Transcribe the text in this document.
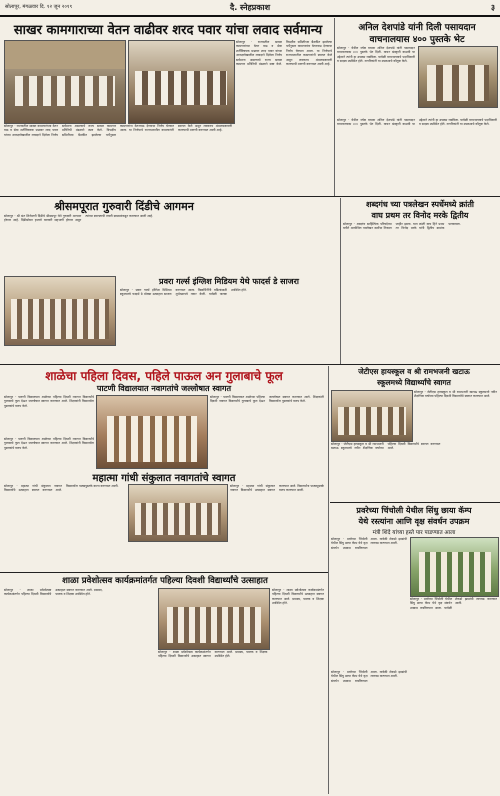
सोलापूर, मंगळवार दि. १२ जून २०१९	दै. स्नेहप्रकाश	३
साखर कामगाराच्या वेतन वाढीवर शरद पवार यांचा लवाद सर्वमान्य
सोलापूर - राज्यातील साखर कामगारांच्या वेतन वाढ व सेवा शर्तीविषयक प्रश्नावर शरद पवार यांच्या अध्यक्षतेखालील लवादाने दिलेला निर्णय सर्वमान्य असल्याचे राज्य साखर कामगार प्रतिनिधी मंडळाने स्पष्ट केले. त्रिपक्षीय समितीच्या बैठकीत झालेल्या चर्चेनुसार कामगारांना वेतनवाढ देण्याचा निर्णय घेण्यात आला. या निर्णयाचे राज्यभरातील कामगारांनी स्वागत केले असून लवकरच अंमलबजावणी करण्याची मागणी करण्यात आली आहे.
सोलापूर - राज्यातील साखर कामगारांच्या वेतन वाढ व सेवा शर्तीविषयक प्रश्नावर शरद पवार यांच्या अध्यक्षतेखालील लवादाने दिलेला निर्णय सर्वमान्य असल्याचे राज्य साखर कामगार प्रतिनिधी मंडळाने स्पष्ट केले. त्रिपक्षीय समितीच्या बैठकीत झालेल्या चर्चेनुसार कामगारांना वेतनवाढ देण्याचा निर्णय घेण्यात आला. या निर्णयाचे राज्यभरातील कामगारांनी स्वागत केले असून लवकरच अंमलबजावणी करण्याची मागणी करण्यात आली आहे.
अनिल देशपांडे यांनी दिली पसायदान
वाचनालयास ४०० पुस्तके भेट
सोलापूर - येथील ज्येष्ठ वाचक अनिल देशपांडे यांनी पसायदान वाचनालयास ४०० पुस्तके भेट दिली. वाचन संस्कृती वाढावी या उद्देशाने त्यांनी हा उपक्रम राबविला. यावेळी वाचनालयाचे पदाधिकारी व सदस्य उपस्थित होते. नागरिकांनी या उपक्रमाचे कौतुक केले.
सोलापूर - येथील ज्येष्ठ वाचक अनिल देशपांडे यांनी पसायदान वाचनालयास ४०० पुस्तके भेट दिली. वाचन संस्कृती वाढावी या उद्देशाने त्यांनी हा उपक्रम राबविला. यावेळी वाचनालयाचे पदाधिकारी व सदस्य उपस्थित होते. नागरिकांनी या उपक्रमाचे कौतुक केले.
श्रीसमपूरात गुरुवारी दिंडीचे आगमन
सोलापूर - श्री संत शिरोमणी दिंडीचे श्रीसमपूर येथे गुरुवारी आगमन होणार आहे. दिंडीसोबत हजारो वारकरी सहभागी होणार असून त्यांच्या स्वागताची तयारी ग्रामस्थांकडून करण्यात आली आहे.
प्रवरा गर्ल्स इंग्लिश मिडियम येथे फादर्स डे साजरा
सोलापूर - प्रवरा गर्ल्स इंग्लिश मिडियम स्कूलमध्ये फादर्स डे मोठ्या उत्साहात साजरा करण्यात आला. विद्यार्थिनींनी वडिलांसाठी शुभेच्छापत्रे तयार केली. यावेळी पालक उपस्थित होते.
शब्दगंध च्या पत्रलेखन स्पर्धेमध्ये क्रांती
वाघ प्रथम तर विनोद मरके द्वितीय
सोलापूर - शब्दगंध साहित्यिक परिषदेच्या वतीने आयोजित पत्रलेखन स्पर्धेचा निकाल जाहीर झाला. यात क्रांती वाघ हिने प्रथम तर विनोद मरके यांनी द्वितीय क्रमांक पटकावला.
शाळेचा पहिला दिवस, पहिले पाऊल अन गुलाबाचे फूल
पाटणी विद्यालयात नवागतांचे जल्लोषात स्वागत
सोलापूर - पाटणी विद्यालयात शाळेच्या पहिल्या दिवशी नवागत विद्यार्थ्यांचे गुलाबाचे फूल देऊन जल्लोषात स्वागत करण्यात आले. शिक्षकांनी विद्यार्थ्यांना पुस्तकांचे वाटप केले.
सोलापूर - पाटणी विद्यालयात शाळेच्या पहिल्या दिवशी नवागत विद्यार्थ्यांचे गुलाबाचे फूल देऊन जल्लोषात स्वागत करण्यात आले. शिक्षकांनी विद्यार्थ्यांना पुस्तकांचे वाटप केले.
सोलापूर - पाटणी विद्यालयात शाळेच्या पहिल्या दिवशी नवागत विद्यार्थ्यांचे गुलाबाचे फूल देऊन जल्लोषात स्वागत करण्यात आले. शिक्षकांनी विद्यार्थ्यांना पुस्तकांचे वाटप केले.
जेटीएस हायस्कूल व श्री रामभजनी खटाऊ
स्कूलमध्ये विद्यार्थ्यांचे स्वागत
सोलापूर - जेटीएस हायस्कूल व श्री रामभजनी खटाऊ स्कूलमध्ये नवीन शैक्षणिक वर्षाच्या पहिल्या दिवशी विद्यार्थ्यांचे स्वागत करण्यात आले.
सोलापूर - जेटीएस हायस्कूल व श्री रामभजनी खटाऊ स्कूलमध्ये नवीन शैक्षणिक वर्षाच्या पहिल्या दिवशी विद्यार्थ्यांचे स्वागत करण्यात आले.
महात्मा गांधी संकुलात नवागतांचे स्वागत
सोलापूर - महात्मा गांधी संकुलात नवागत विद्यार्थ्यांचे उत्साहात स्वागत करण्यात आले. विद्यार्थ्यांना पाठ्यपुस्तके वाटप करण्यात आली.	सोलापूर - महात्मा गांधी संकुलात नवागत विद्यार्थ्यांचे उत्साहात स्वागत करण्यात आले. विद्यार्थ्यांना पाठ्यपुस्तके वाटप करण्यात आली.
प्रवरेच्या चिंचोली येथील सिंधु छाया कॅम्प
येथे रस्त्यांना आणि वृक्ष संवर्धन उपक्रम
मंत्री शिंदे यांच्या हस्ते पार पाडण्यात आला
सोलापूर - प्रवरेच्या चिंचोली येथील सिंधु छाया कॅम्प येथे वृक्ष संवर्धन उपक्रम राबविण्यात आला. यावेळी शेकडो झाडांची लागवड करण्यात आली.
सोलापूर - प्रवरेच्या चिंचोली येथील सिंधु छाया कॅम्प येथे वृक्ष संवर्धन उपक्रम राबविण्यात आला. यावेळी शेकडो झाडांची लागवड करण्यात आली.
सोलापूर - प्रवरेच्या चिंचोली येथील सिंधु छाया कॅम्प येथे वृक्ष संवर्धन उपक्रम राबविण्यात आला. यावेळी शेकडो झाडांची लागवड करण्यात आली.
शाळा प्रवेशोत्सव कार्यक्रमांतर्गत पहिल्या दिवशी विद्यार्थ्यांचे उत्साहात
सोलापूर - शाळा प्रवेशोत्सव कार्यक्रमांतर्गत पहिल्या दिवशी विद्यार्थ्यांचे उत्साहात स्वागत करण्यात आले. ग्रामस्थ, पालक व शिक्षक उपस्थित होते.
सोलापूर - शाळा प्रवेशोत्सव कार्यक्रमांतर्गत पहिल्या दिवशी विद्यार्थ्यांचे उत्साहात स्वागत करण्यात आले. ग्रामस्थ, पालक व शिक्षक उपस्थित होते.
सोलापूर - शाळा प्रवेशोत्सव कार्यक्रमांतर्गत पहिल्या दिवशी विद्यार्थ्यांचे उत्साहात स्वागत करण्यात आले. ग्रामस्थ, पालक व शिक्षक उपस्थित होते.
